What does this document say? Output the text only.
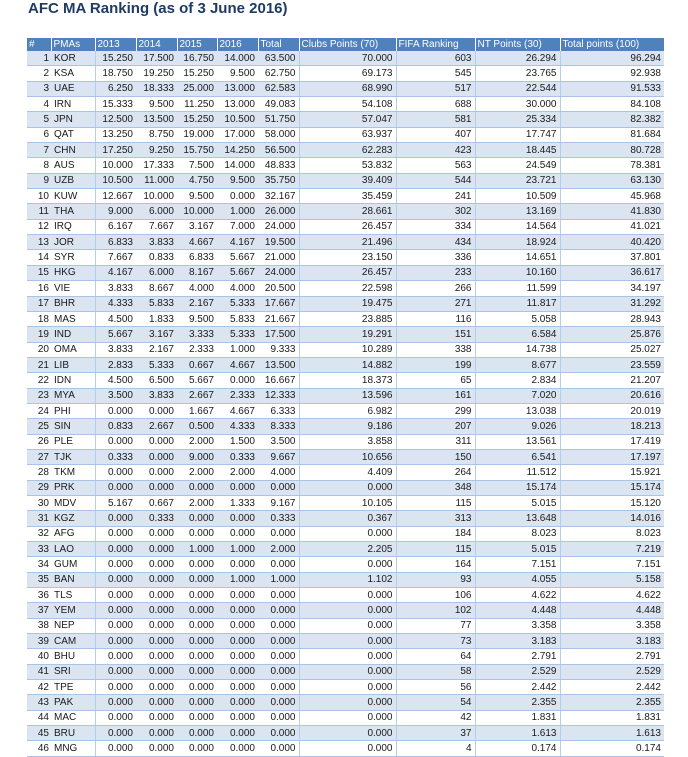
AFC MA Ranking (as of 3 June 2016)
#	PMAs	2013	2014	2015	2016	Total	Clubs Points (70)	FIFA Ranking	NT Points (30)	Total points (100)
1	KOR	15.250	17.500	16.750	14.000	63.500	70.000	603	26.294	96.294
2	KSA	18.750	19.250	15.250	9.500	62.750	69.173	545	23.765	92.938
3	UAE	6.250	18.333	25.000	13.000	62.583	68.990	517	22.544	91.533
4	IRN	15.333	9.500	11.250	13.000	49.083	54.108	688	30.000	84.108
5	JPN	12.500	13.500	15.250	10.500	51.750	57.047	581	25.334	82.382
6	QAT	13.250	8.750	19.000	17.000	58.000	63.937	407	17.747	81.684
7	CHN	17.250	9.250	15.750	14.250	56.500	62.283	423	18.445	80.728
8	AUS	10.000	17.333	7.500	14.000	48.833	53.832	563	24.549	78.381
9	UZB	10.500	11.000	4.750	9.500	35.750	39.409	544	23.721	63.130
10	KUW	12.667	10.000	9.500	0.000	32.167	35.459	241	10.509	45.968
11	THA	9.000	6.000	10.000	1.000	26.000	28.661	302	13.169	41.830
12	IRQ	6.167	7.667	3.167	7.000	24.000	26.457	334	14.564	41.021
13	JOR	6.833	3.833	4.667	4.167	19.500	21.496	434	18.924	40.420
14	SYR	7.667	0.833	6.833	5.667	21.000	23.150	336	14.651	37.801
15	HKG	4.167	6.000	8.167	5.667	24.000	26.457	233	10.160	36.617
16	VIE	3.833	8.667	4.000	4.000	20.500	22.598	266	11.599	34.197
17	BHR	4.333	5.833	2.167	5.333	17.667	19.475	271	11.817	31.292
18	MAS	4.500	1.833	9.500	5.833	21.667	23.885	116	5.058	28.943
19	IND	5.667	3.167	3.333	5.333	17.500	19.291	151	6.584	25.876
20	OMA	3.833	2.167	2.333	1.000	9.333	10.289	338	14.738	25.027
21	LIB	2.833	5.333	0.667	4.667	13.500	14.882	199	8.677	23.559
22	IDN	4.500	6.500	5.667	0.000	16.667	18.373	65	2.834	21.207
23	MYA	3.500	3.833	2.667	2.333	12.333	13.596	161	7.020	20.616
24	PHI	0.000	0.000	1.667	4.667	6.333	6.982	299	13.038	20.019
25	SIN	0.833	2.667	0.500	4.333	8.333	9.186	207	9.026	18.213
26	PLE	0.000	0.000	2.000	1.500	3.500	3.858	311	13.561	17.419
27	TJK	0.333	0.000	9.000	0.333	9.667	10.656	150	6.541	17.197
28	TKM	0.000	0.000	2.000	2.000	4.000	4.409	264	11.512	15.921
29	PRK	0.000	0.000	0.000	0.000	0.000	0.000	348	15.174	15.174
30	MDV	5.167	0.667	2.000	1.333	9.167	10.105	115	5.015	15.120
31	KGZ	0.000	0.333	0.000	0.000	0.333	0.367	313	13.648	14.016
32	AFG	0.000	0.000	0.000	0.000	0.000	0.000	184	8.023	8.023
33	LAO	0.000	0.000	1.000	1.000	2.000	2.205	115	5.015	7.219
34	GUM	0.000	0.000	0.000	0.000	0.000	0.000	164	7.151	7.151
35	BAN	0.000	0.000	0.000	1.000	1.000	1.102	93	4.055	5.158
36	TLS	0.000	0.000	0.000	0.000	0.000	0.000	106	4.622	4.622
37	YEM	0.000	0.000	0.000	0.000	0.000	0.000	102	4.448	4.448
38	NEP	0.000	0.000	0.000	0.000	0.000	0.000	77	3.358	3.358
39	CAM	0.000	0.000	0.000	0.000	0.000	0.000	73	3.183	3.183
40	BHU	0.000	0.000	0.000	0.000	0.000	0.000	64	2.791	2.791
41	SRI	0.000	0.000	0.000	0.000	0.000	0.000	58	2.529	2.529
42	TPE	0.000	0.000	0.000	0.000	0.000	0.000	56	2.442	2.442
43	PAK	0.000	0.000	0.000	0.000	0.000	0.000	54	2.355	2.355
44	MAC	0.000	0.000	0.000	0.000	0.000	0.000	42	1.831	1.831
45	BRU	0.000	0.000	0.000	0.000	0.000	0.000	37	1.613	1.613
46	MNG	0.000	0.000	0.000	0.000	0.000	0.000	4	0.174	0.174
